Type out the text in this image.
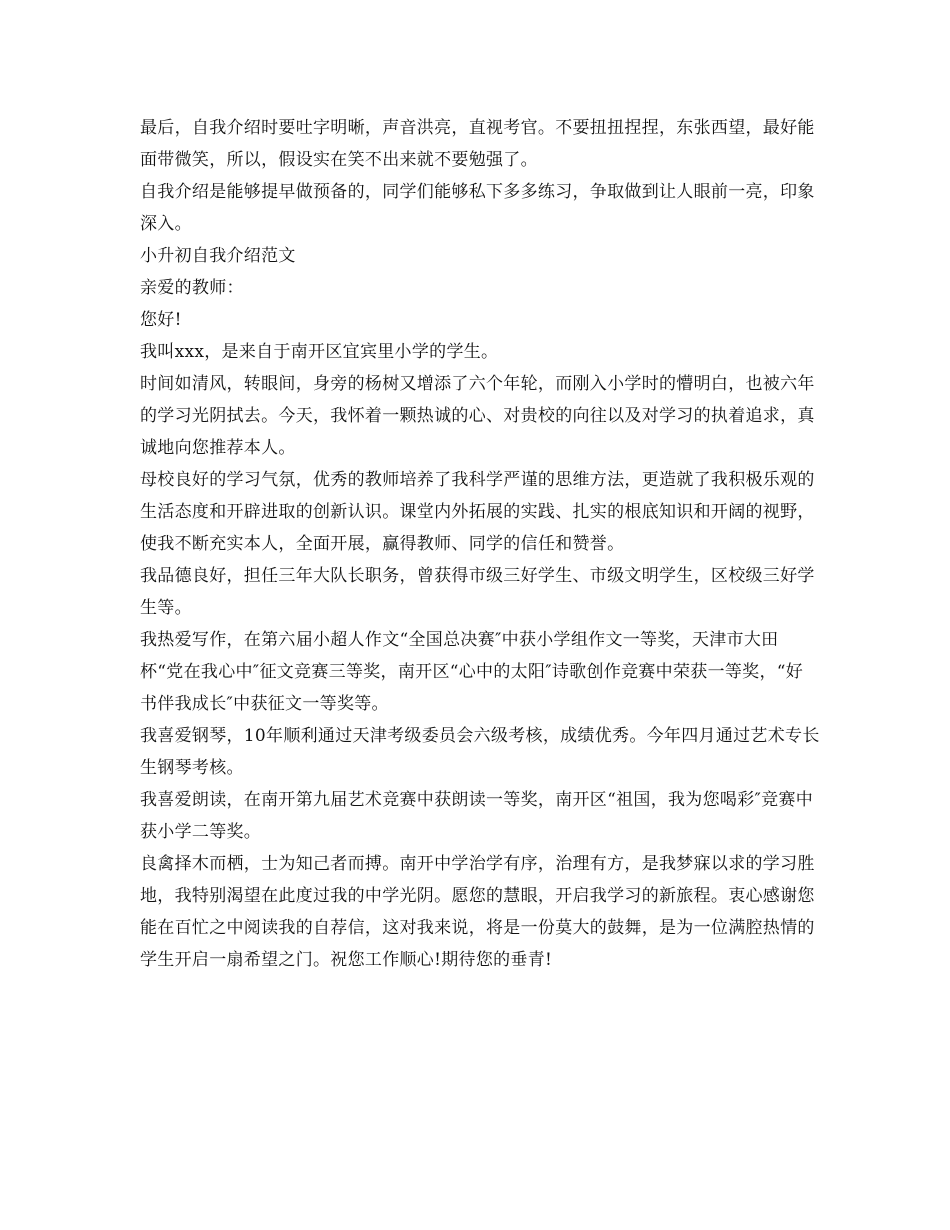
最后，自我介绍时要吐字明晰，声音洪亮，直视考官。不要扭扭捏捏，东张西望，最好能面带微笑，所以，假设实在笑不出来就不要勉强了。

自我介绍是能够提早做预备的，同学们能够私下多多练习，争取做到让人眼前一亮，印象深入。

小升初自我介绍范文

亲爱的教师：

您好!

我叫xxx，是来自于南开区宜宾里小学的学生。

时间如清风，转眼间，身旁的杨树又增添了六个年轮，而刚入小学时的懵明白，也被六年的学习光阴拭去。今天，我怀着一颗热诚的心、对贵校的向往以及对学习的执着追求，真诚地向您推荐本人。

母校良好的学习气氛，优秀的教师培养了我科学严谨的思维方法，更造就了我积极乐观的生活态度和开辟进取的创新认识。课堂内外拓展的实践、扎实的根底知识和开阔的视野，使我不断充实本人，全面开展，赢得教师、同学的信任和赞誉。

我品德良好，担任三年大队长职务，曾获得市级三好学生、市级文明学生，区校级三好学生等。

我热爱写作，在第六届小超人作文“全国总决赛″中获小学组作文一等奖，天津市大田杯“党在我心中″征文竞赛三等奖，南开区“心中的太阳″诗歌创作竞赛中荣获一等奖，“好书伴我成长″中获征文一等奖等。

我喜爱钢琴，10年顺利通过天津考级委员会六级考核，成绩优秀。今年四月通过艺术专长生钢琴考核。

我喜爱朗读，在南开第九届艺术竞赛中获朗读一等奖，南开区“祖国，我为您喝彩″竞赛中获小学二等奖。

良禽择木而栖，士为知己者而搏。南开中学治学有序，治理有方，是我梦寐以求的学习胜地，我特别渴望在此度过我的中学光阴。愿您的慧眼，开启我学习的新旅程。衷心感谢您能在百忙之中阅读我的自荐信，这对我来说，将是一份莫大的鼓舞，是为一位满腔热情的学生开启一扇希望之门。祝您工作顺心!期待您的垂青!
